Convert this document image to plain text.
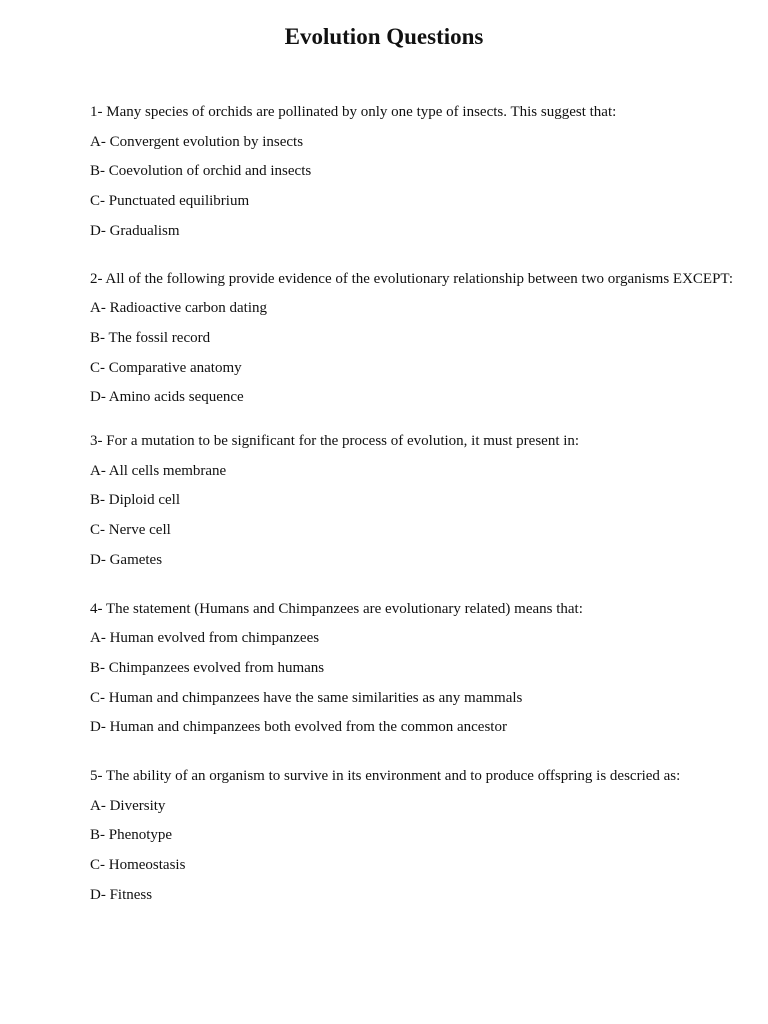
Evolution Questions
1- Many species of orchids are pollinated by only one type of insects. This suggest that:
A- Convergent evolution by insects
B- Coevolution of orchid and insects
C- Punctuated equilibrium
D- Gradualism
2- All of the following provide evidence of the evolutionary relationship between two organisms EXCEPT:
A- Radioactive carbon dating
B- The fossil record
C- Comparative anatomy
D- Amino acids sequence
3- For a mutation to be significant for the process of evolution, it must present in:
A- All cells membrane
B- Diploid cell
C- Nerve cell
D- Gametes
4- The statement (Humans and Chimpanzees are evolutionary related) means that:
A- Human evolved from chimpanzees
B- Chimpanzees evolved from humans
C- Human and chimpanzees have the same similarities as any mammals
D- Human and chimpanzees both evolved from the common ancestor
5- The ability of an organism to survive in its environment and to produce offspring is descried as:
A- Diversity
B- Phenotype
C- Homeostasis
D- Fitness
